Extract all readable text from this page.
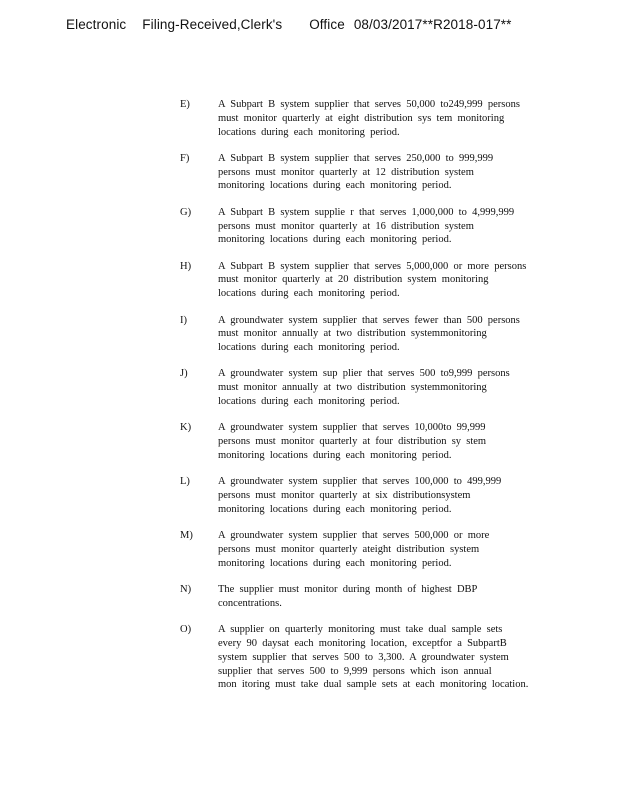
Electronic Filing-Received,Clerk's Office 08/03/2017**R2018-017**
E)	A Subpart B system supplier that serves 50,000 to249,999 persons
must monitor quarterly at eight distribution sys tem monitoring
locations during each monitoring period.
F)	A Subpart B system supplier that serves 250,000 to 999,999
persons must monitor quarterly at 12 distribution system
monitoring locations during each monitoring period.
G)	A Subpart B system supplie r that serves 1,000,000 to 4,999,999
persons must monitor quarterly at 16 distribution system
monitoring locations during each monitoring period.
H)	A Subpart B system supplier that serves 5,000,000 or more persons
must monitor quarterly at 20 distribution system monitoring
locations during each monitoring period.
I)	A groundwater system supplier that serves fewer than 500 persons
must monitor annually at two distribution systemmonitoring
locations during each monitoring period.
J)	A groundwater system sup plier that serves 500 to9,999 persons
must monitor annually at two distribution systemmonitoring
locations during each monitoring period.
K)	A groundwater system supplier that serves 10,000to 99,999
persons must monitor quarterly at four distribution sy stem
monitoring locations during each monitoring period.
L)	A groundwater system supplier that serves 100,000 to 499,999
persons must monitor quarterly at six distributionsystem
monitoring locations during each monitoring period.
M)	A groundwater system supplier that serves 500,000 or more
persons must monitor quarterly ateight distribution system
monitoring locations during each monitoring period.
N)	The supplier must monitor during month of highest DBP
concentrations.
O)	A supplier on quarterly monitoring must take dual sample sets
every 90 daysat each monitoring location, exceptfor a SubpartB
system supplier that serves 500 to 3,300. A groundwater system
supplier that serves 500 to 9,999 persons which ison annual
mon itoring must take dual sample sets at each monitoring location.
